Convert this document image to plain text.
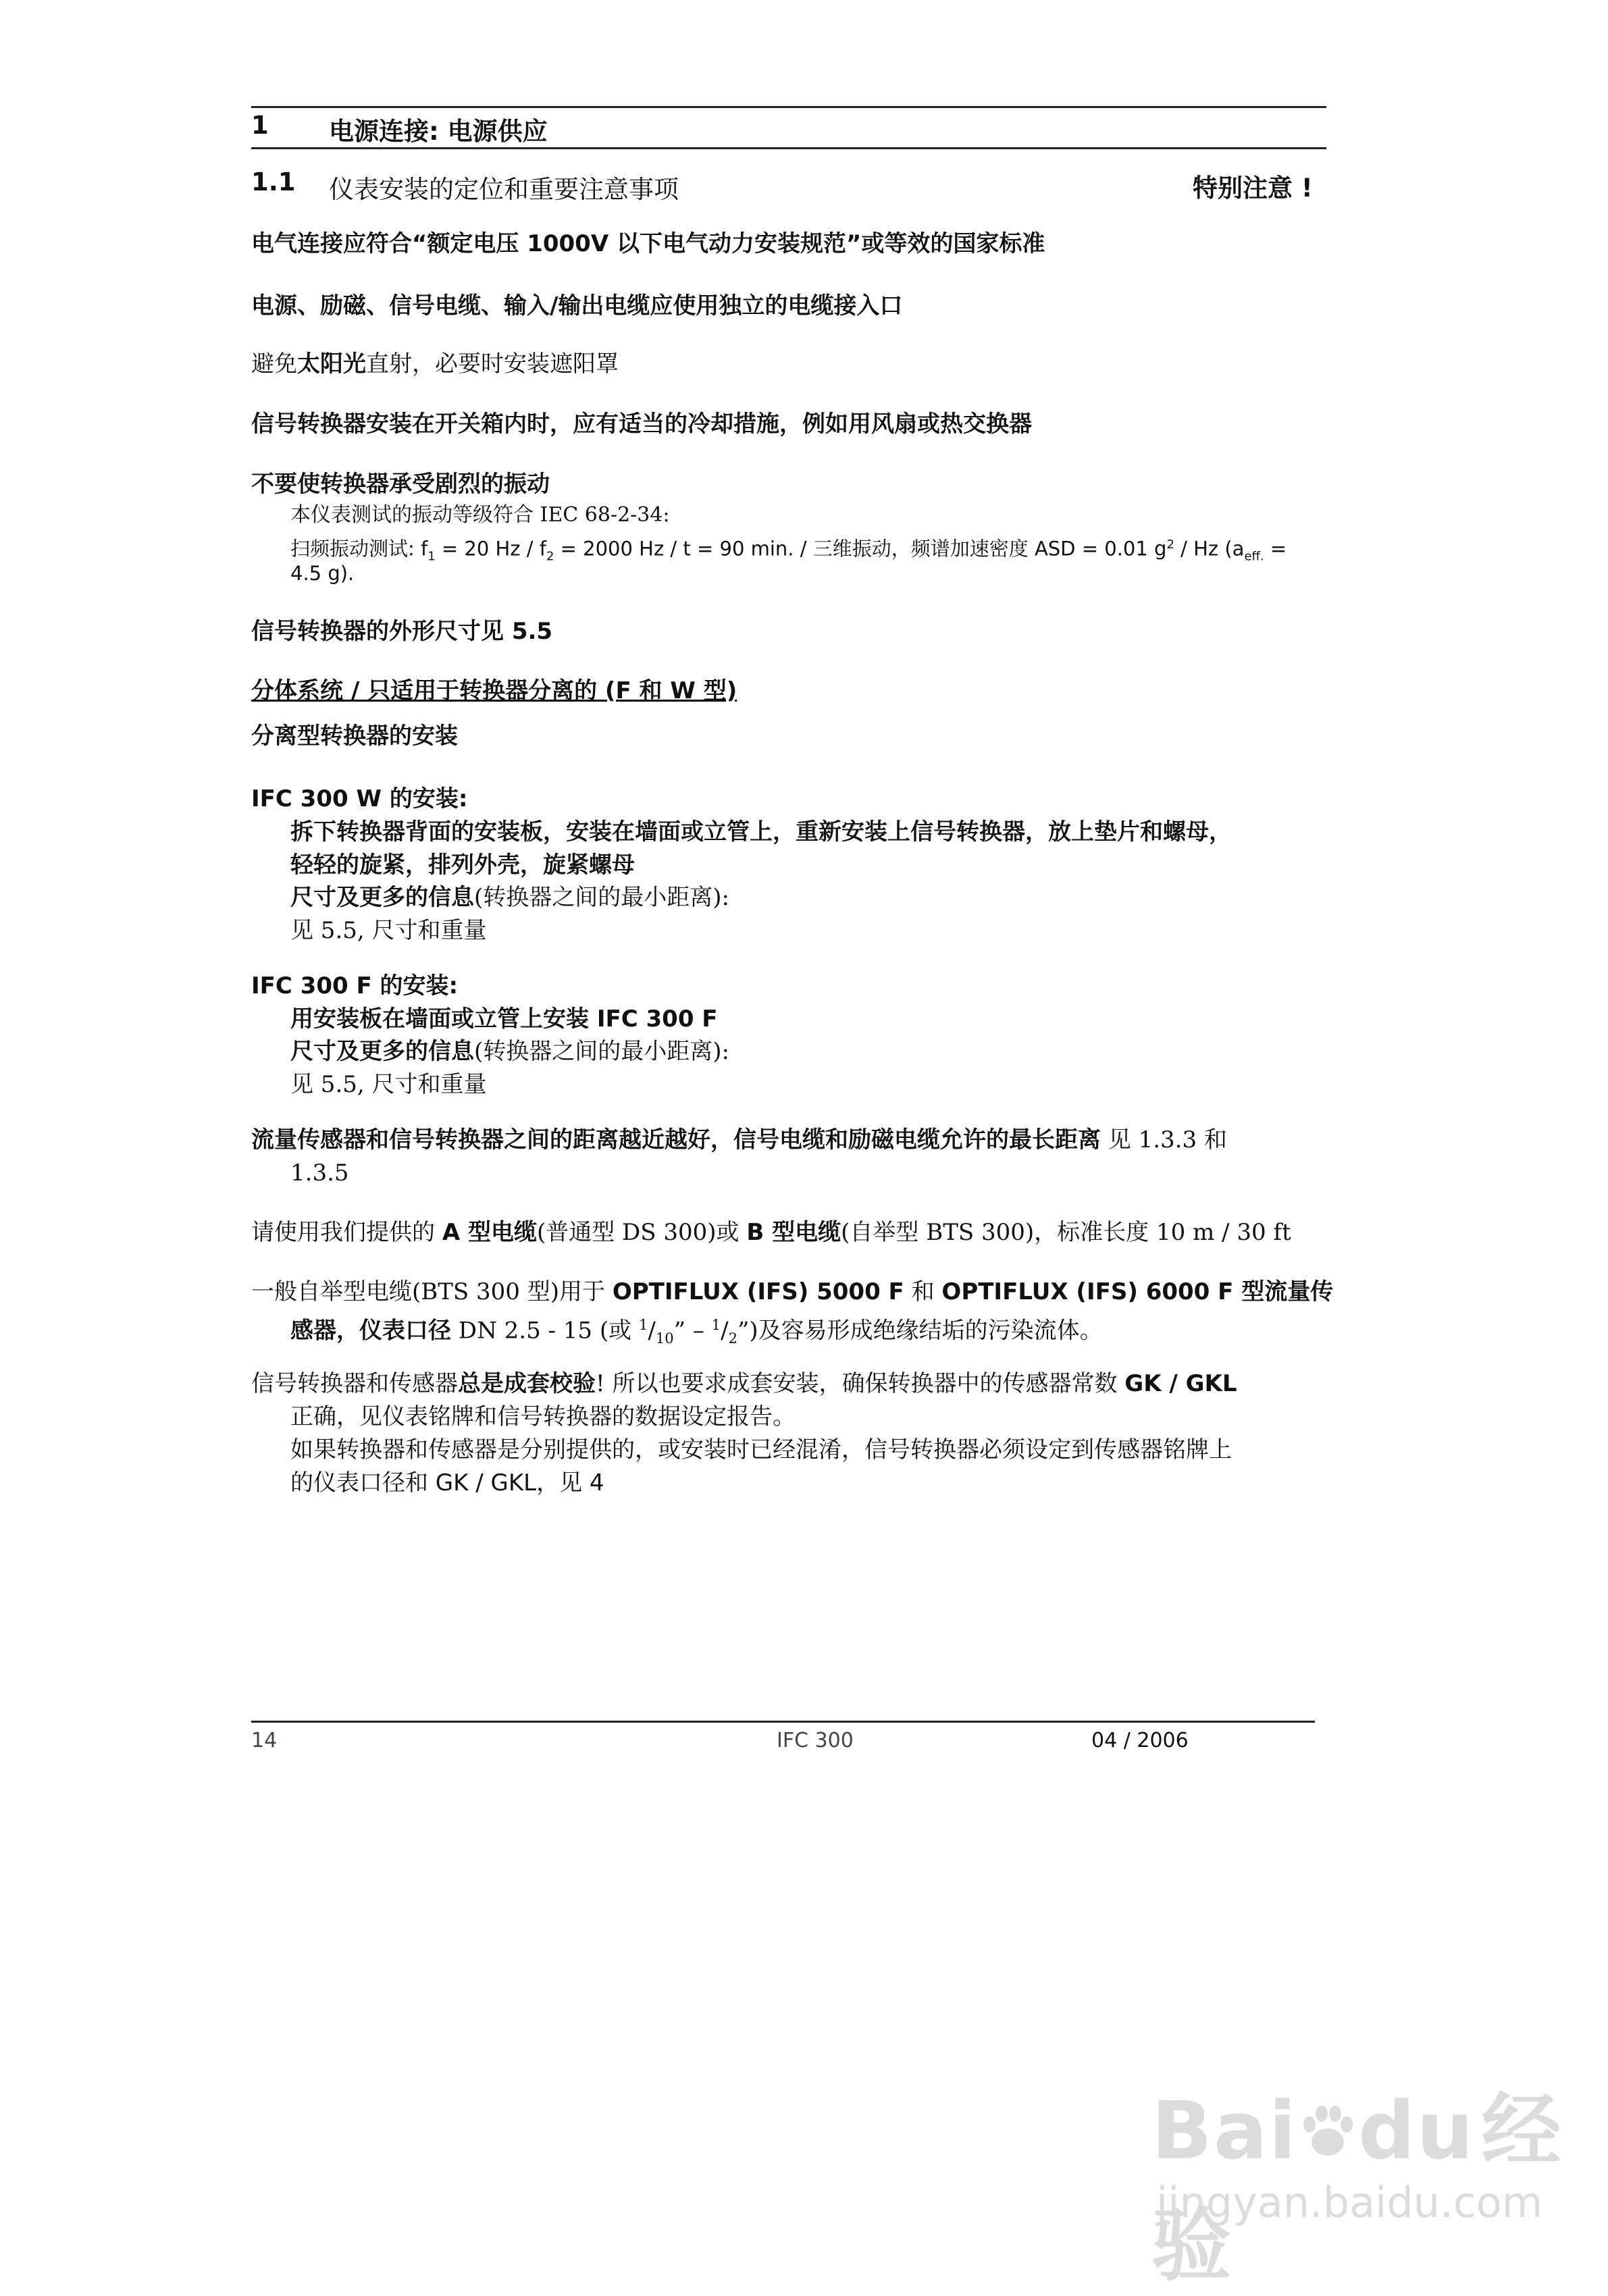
1 电源连接: 电源供应
1.1 仪表安装的定位和重要注意事项	特别注意 !
电气连接应符合“额定电压 1000V 以下电气动力安装规范”或等效的国家标准
电源、励磁、信号电缆、输入/输出电缆应使用独立的电缆接入口
避免太阳光直射，必要时安装遮阳罩
信号转换器安装在开关箱内时，应有适当的冷却措施，例如用风扇或热交换器
不要使转换器承受剧烈的振动
本仪表测试的振动等级符合 IEC 68-2-34:
扫频振动测试: $f_1 = 20$ $Hz / f_2 = 2000$ Hz / t = 90 min. / 三维振动，频谱加速密度 ASD = 0.01 $g^2$ / Hz ($a_{eff.}$ =
4.5 g).
信号转换器的外形尺寸见 5.5
分体系统 / 只适用于转换器分离的 (F 和 W 型)
分离型转换器的安装
IFC 300 W 的安装:
拆下转换器背面的安装板，安装在墙面或立管上，重新安装上信号转换器，放上垫片和螺母，
轻轻的旋紧，排列外壳，旋紧螺母
尺寸及更多的信息(转换器之间的最小距离):
见 5.5, 尺寸和重量
IFC 300 F 的安装:
用安装板在墙面或立管上安装 IFC 300 F
尺寸及更多的信息(转换器之间的最小距离):
见 5.5, 尺寸和重量
流量传感器和信号转换器之间的距离越近越好，信号电缆和励磁电缆允许的最长距离 见 1.3.3 和
1.3.5
请使用我们提供的 A 型电缆(普通型 DS 300)或 B 型电缆(自举型 BTS 300)，标准长度 10 m / 30 ft
一般自举型电缆(BTS 300 型)用于 OPTIFLUX (IFS) 5000 F 和 OPTIFLUX (IFS) 6000 F 型流量传
感器，仪表口径 DN 2.5 - 15 (或 $^1/_{10}$” – $^1/_2$”)及容易形成绝缘结垢的污染流体。
信号转换器和传感器总是成套校验! 所以也要求成套安装，确保转换器中的传感器常数 GK / GKL
正确，见仪表铭牌和信号转换器的数据设定报告。
如果转换器和传感器是分别提供的，或安装时已经混淆，信号转换器必须设定到传感器铭牌上
的仪表口径和 GK / GKL，见 4
14	IFC 300	04 / 2006
Bai du经验
jingyan.baidu.com
